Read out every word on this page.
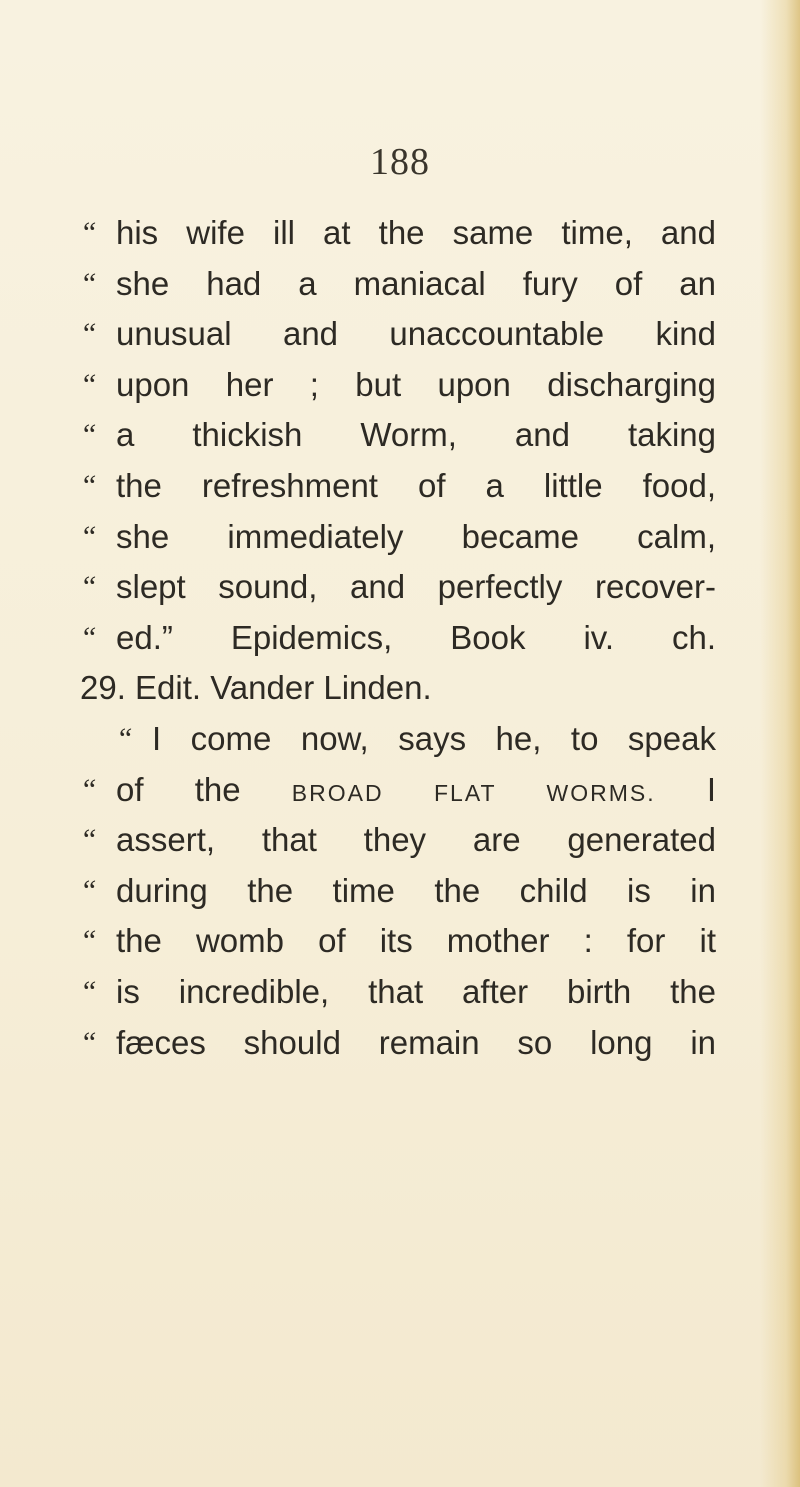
188
“ his wife ill at the same time, and
“ she had a maniacal fury of an
“ unusual and unaccountable kind
“ upon her ; but upon discharging
“ a thickish Worm, and taking
“ the refreshment of a little food,
“ she immediately became calm,
“ slept sound, and perfectly recover-
“ ed.” Epidemics, Book iv. ch.
29. Edit. Vander Linden.
“ I come now, says he, to speak
“ of the BROAD FLAT WORMS. I
“ assert, that they are generated
“ during the time the child is in
“ the womb of its mother : for it
“ is incredible, that after birth the
“ fæces should remain so long in
